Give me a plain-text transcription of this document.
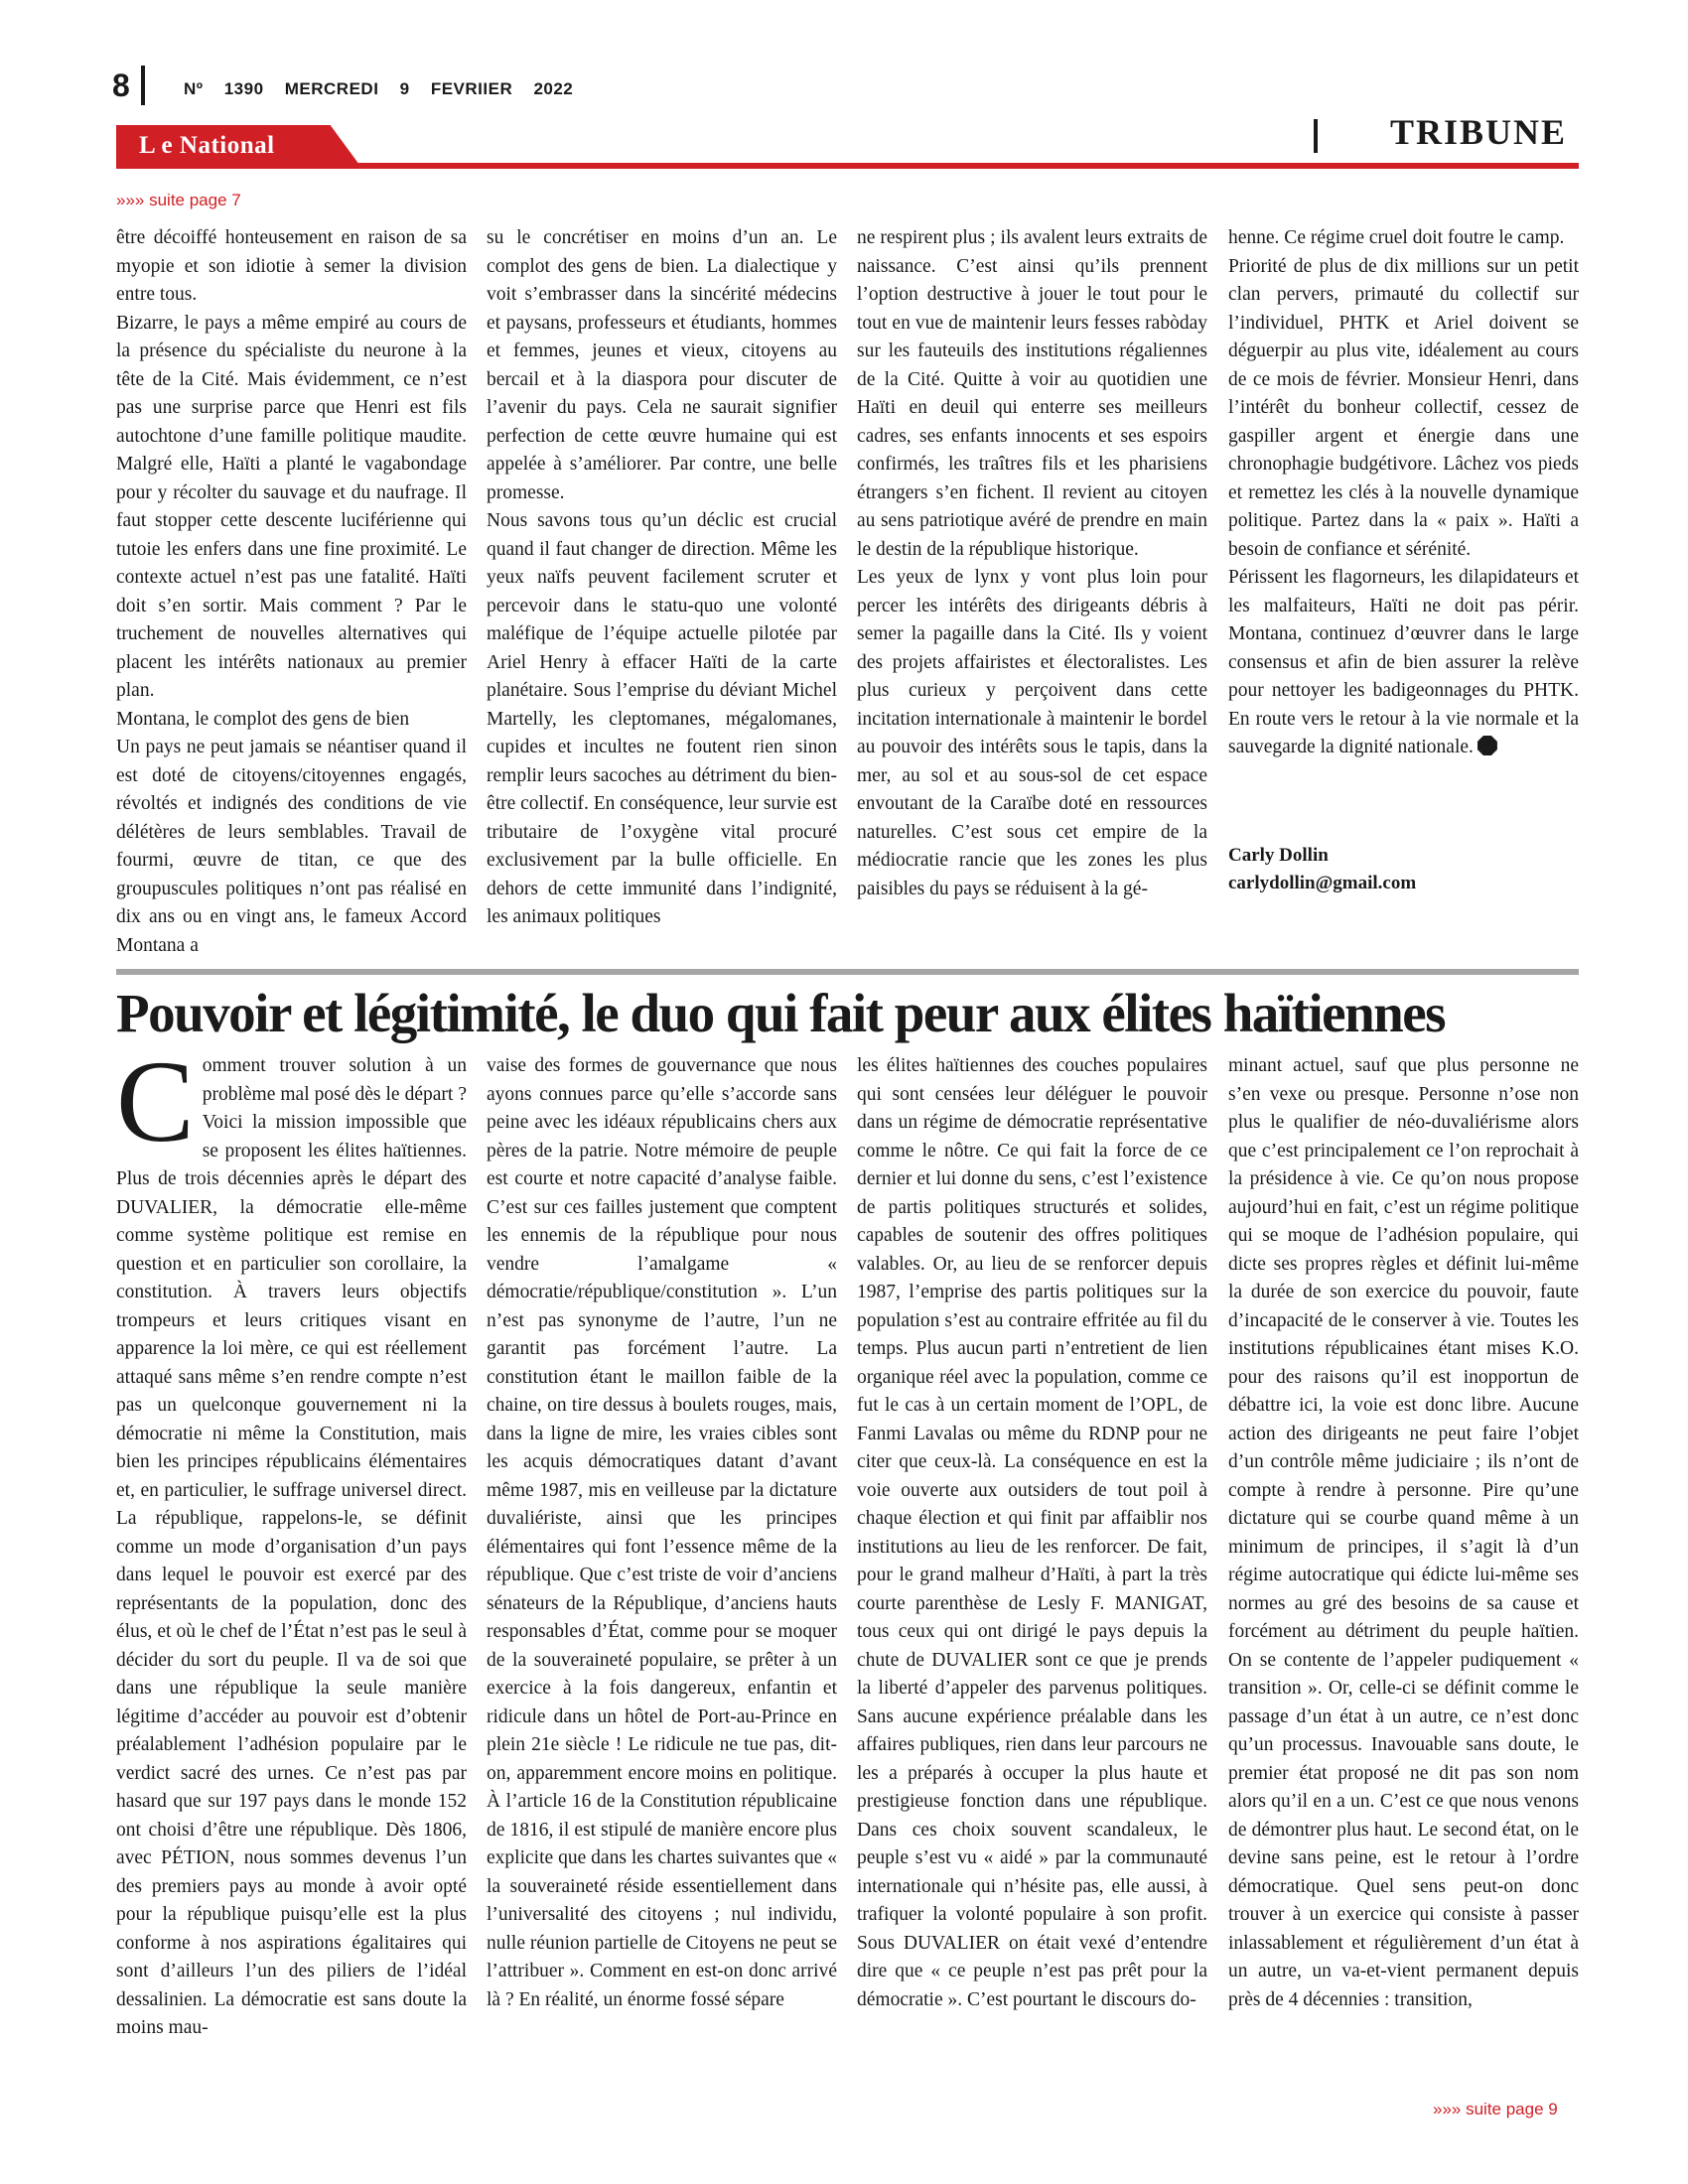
8	Nº 1390 MERCREDI 9 FEVRIIER 2022
L e National	TRIBUNE
»»» suite page 7

être décoiffé honteusement en raison de sa myopie et son idiotie à semer la division entre tous.
Bizarre, le pays a même empiré au cours de la présence du spécialiste du neurone à la tête de la Cité. Mais évidemment, ce n’est pas une surprise parce que Henri est fils autochtone d’une famille politique maudite. Malgré elle, Haïti a planté le vagabondage pour y récolter du sauvage et du naufrage. Il faut stopper cette descente luciférienne qui tutoie les enfers dans une fine proximité. Le contexte actuel n’est pas une fatalité. Haïti doit s’en sortir. Mais comment ? Par le truchement de nouvelles alternatives qui placent les intérêts nationaux au premier plan.
Montana, le complot des gens de bien
Un pays ne peut jamais se néantiser quand il est doté de citoyens/citoyennes engagés, révoltés et indignés des conditions de vie délétères de leurs semblables. Travail de fourmi, œuvre de titan, ce que des groupuscules politiques n’ont pas réalisé en dix ans ou en vingt ans, le fameux Accord Montana a

su le concrétiser en moins d’un an. Le complot des gens de bien. La dialectique y voit s’embrasser dans la sincérité médecins et paysans, professeurs et étudiants, hommes et femmes, jeunes et vieux, citoyens au bercail et à la diaspora pour discuter de l’avenir du pays. Cela ne saurait signifier perfection de cette œuvre humaine qui est appelée à s’améliorer. Par contre, une belle promesse.
Nous savons tous qu’un déclic est crucial quand il faut changer de direction. Même les yeux naïfs peuvent facilement scruter et percevoir dans le statu-quo une volonté maléfique de l’équipe actuelle pilotée par Ariel Henry à effacer Haïti de la carte planétaire. Sous l’emprise du déviant Michel Martelly, les cleptomanes, mégalomanes, cupides et incultes ne foutent rien sinon remplir leurs sacoches au détriment du bien-être collectif. En conséquence, leur survie est tributaire de l’oxygène vital procuré exclusivement par la bulle officielle. En dehors de cette immunité dans l’indignité, les animaux politiques

ne respirent plus ; ils avalent leurs extraits de naissance. C’est ainsi qu’ils prennent l’option destructive à jouer le tout pour le tout en vue de maintenir leurs fesses rabòday sur les fauteuils des institutions régaliennes de la Cité. Quitte à voir au quotidien une Haïti en deuil qui enterre ses meilleurs cadres, ses enfants innocents et ses espoirs confirmés, les traîtres fils et les pharisiens étrangers s’en fichent. Il revient au citoyen au sens patriotique avéré de prendre en main le destin de la république historique.
Les yeux de lynx y vont plus loin pour percer les intérêts des dirigeants débris à semer la pagaille dans la Cité. Ils y voient des projets affairistes et électoralistes. Les plus curieux y perçoivent dans cette incitation internationale à maintenir le bordel au pouvoir des intérêts sous le tapis, dans la mer, au sol et au sous-sol de cet espace envoutant de la Caraïbe doté en ressources naturelles. C’est sous cet empire de la médiocratie rancie que les zones les plus paisibles du pays se réduisent à la gé-

henne. Ce régime cruel doit foutre le camp.
Priorité de plus de dix millions sur un petit clan pervers, primauté du collectif sur l’individuel, PHTK et Ariel doivent se déguerpir au plus vite, idéalement au cours de ce mois de février. Monsieur Henri, dans l’intérêt du bonheur collectif, cessez de gaspiller argent et énergie dans une chronophagie budgétivore. Lâchez vos pieds et remettez les clés à la nouvelle dynamique politique. Partez dans la « paix ». Haïti a besoin de confiance et sérénité.
Périssent les flagorneurs, les dilapidateurs et les malfaiteurs, Haïti ne doit pas périr. Montana, continuez d’œuvrer dans le large consensus et afin de bien assurer la relève pour nettoyer les badigeonnages du PHTK. En route vers le retour à la vie normale et la sauvegarde la dignité nationale.

Carly Dollin
carlydollin@gmail.com
Pouvoir et légitimité, le duo qui fait peur aux élites haïtiennes

Comment trouver solution à un problème mal posé dès le départ ? Voici la mission impossible que se proposent les élites haïtiennes. Plus de trois décennies après le départ des DUVALIER, la démocratie elle-même comme système politique est remise en question et en particulier son corollaire, la constitution. À travers leurs objectifs trompeurs et leurs critiques visant en apparence la loi mère, ce qui est réellement attaqué sans même s’en rendre compte n’est pas un quelconque gouvernement ni la démocratie ni même la Constitution, mais bien les principes républicains élémentaires et, en particulier, le suffrage universel direct. La république, rappelons-le, se définit comme un mode d’organisation d’un pays dans lequel le pouvoir est exercé par des représentants de la population, donc des élus, et où le chef de l’État n’est pas le seul à décider du sort du peuple. Il va de soi que dans une république la seule manière légitime d’accéder au pouvoir est d’obtenir préalablement l’adhésion populaire par le verdict sacré des urnes. Ce n’est pas par hasard que sur 197 pays dans le monde 152 ont choisi d’être une république. Dès 1806, avec PÉTION, nous sommes devenus l’un des premiers pays au monde à avoir opté pour la république puisqu’elle est la plus conforme à nos aspirations égalitaires qui sont d’ailleurs l’un des piliers de l’idéal dessalinien. La démocratie est sans doute la moins mau-

vaise des formes de gouvernance que nous ayons connues parce qu’elle s’accorde sans peine avec les idéaux républicains chers aux pères de la patrie. Notre mémoire de peuple est courte et notre capacité d’analyse faible. C’est sur ces failles justement que comptent les ennemis de la république pour nous vendre l’amalgame « démocratie/république/constitution ». L’un n’est pas synonyme de l’autre, l’un ne garantit pas forcément l’autre. La constitution étant le maillon faible de la chaine, on tire dessus à boulets rouges, mais, dans la ligne de mire, les vraies cibles sont les acquis démocratiques datant d’avant même 1987, mis en veilleuse par la dictature duvaliériste, ainsi que les principes élémentaires qui font l’essence même de la république. Que c’est triste de voir d’anciens sénateurs de la République, d’anciens hauts responsables d’État, comme pour se moquer de la souveraineté populaire, se prêter à un exercice à la fois dangereux, enfantin et ridicule dans un hôtel de Port-au-Prince en plein 21e siècle ! Le ridicule ne tue pas, dit-on, apparemment encore moins en politique. À l’article 16 de la Constitution républicaine de 1816, il est stipulé de manière encore plus explicite que dans les chartes suivantes que « la souveraineté réside essentiellement dans l’universalité des citoyens ; nul individu, nulle réunion partielle de Citoyens ne peut se l’attribuer ». Comment en est-on donc arrivé là ? En réalité, un énorme fossé sépare

les élites haïtiennes des couches populaires qui sont censées leur déléguer le pouvoir dans un régime de démocratie représentative comme le nôtre. Ce qui fait la force de ce dernier et lui donne du sens, c’est l’existence de partis politiques structurés et solides, capables de soutenir des offres politiques valables. Or, au lieu de se renforcer depuis 1987, l’emprise des partis politiques sur la population s’est au contraire effritée au fil du temps. Plus aucun parti n’entretient de lien organique réel avec la population, comme ce fut le cas à un certain moment de l’OPL, de Fanmi Lavalas ou même du RDNP pour ne citer que ceux-là. La conséquence en est la voie ouverte aux outsiders de tout poil à chaque élection et qui finit par affaiblir nos institutions au lieu de les renforcer. De fait, pour le grand malheur d’Haïti, à part la très courte parenthèse de Lesly F. MANIGAT, tous ceux qui ont dirigé le pays depuis la chute de DUVALIER sont ce que je prends la liberté d’appeler des parvenus politiques. Sans aucune expérience préalable dans les affaires publiques, rien dans leur parcours ne les a préparés à occuper la plus haute et prestigieuse fonction dans une république. Dans ces choix souvent scandaleux, le peuple s’est vu « aidé » par la communauté internationale qui n’hésite pas, elle aussi, à trafiquer la volonté populaire à son profit. Sous DUVALIER on était vexé d’entendre dire que « ce peuple n’est pas prêt pour la démocratie ». C’est pourtant le discours do-

minant actuel, sauf que plus personne ne s’en vexe ou presque. Personne n’ose non plus le qualifier de néo-duvaliérisme alors que c’est principalement ce l’on reprochait à la présidence à vie. Ce qu’on nous propose aujourd’hui en fait, c’est un régime politique qui se moque de l’adhésion populaire, qui dicte ses propres règles et définit lui-même la durée de son exercice du pouvoir, faute d’incapacité de le conserver à vie. Toutes les institutions républicaines étant mises K.O. pour des raisons qu’il est inopportun de débattre ici, la voie est donc libre. Aucune action des dirigeants ne peut faire l’objet d’un contrôle même judiciaire ; ils n’ont de compte à rendre à personne. Pire qu’une dictature qui se courbe quand même à un minimum de principes, il s’agit là d’un régime autocratique qui édicte lui-même ses normes au gré des besoins de sa cause et forcément au détriment du peuple haïtien. On se contente de l’appeler pudiquement « transition ». Or, celle-ci se définit comme le passage d’un état à un autre, ce n’est donc qu’un processus. Inavouable sans doute, le premier état proposé ne dit pas son nom alors qu’il en a un. C’est ce que nous venons de démontrer plus haut. Le second état, on le devine sans peine, est le retour à l’ordre démocratique. Quel sens peut-on donc trouver à un exercice qui consiste à passer inlassablement et régulièrement d’un état à un autre, un va-et-vient permanent depuis près de 4 décennies : transition,

»»» suite page 9
